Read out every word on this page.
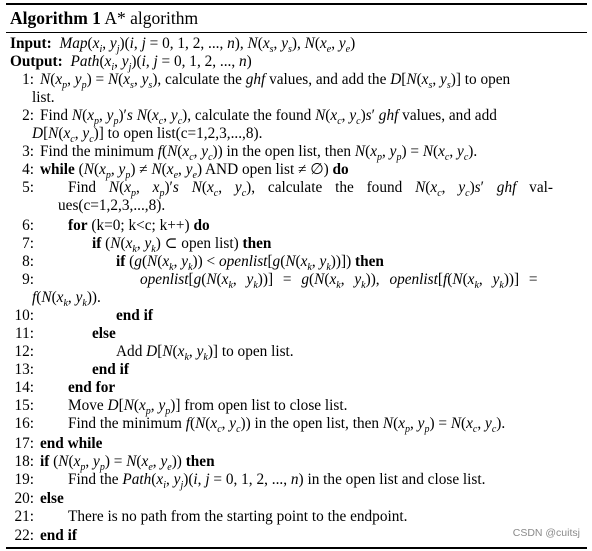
Algorithm 1 A* algorithm
Input: $Map(x_i$, $y_j)(i$, j = 0, 1, 2, ..., n), $N(x_s$, $y_s$), $N(x_e$, $y_e$)
Output: $Path(x_i$, $y_j)(i$, j = 0, 1, 2, ..., n)
1: $N(x_p$, $y_p) = N(x_s$, $y_s$), calculate the ghf values, and add the $D[N(x_s$, $y_s$)] to open
list.
2: Find $N(x_p$, $y_p)'s$ $N(x_c$, $y_c$), calculate the found $N(x_c$, $y_c)s'$ ghf values, and add
$D[N(x_c$, $y_c$)] to open list(c=1,2,3,...,8).
3: Find the minimum $f(N(x_c$, $y_c$)) in the open list, then $N(x_p$, $y_p) = N(x_c$, $y_c$).
4: while ($N(x_p$, $y_p) \ne N(x_e$, $y_e$) AND open list ≠ ∅) do
5: Find $N(x_p$, $x_p)'s$ $N(x_c$, $y_c$), calculate the found $N(x_c$, $y_c)s'$ ghf val-
ues(c=1,2,3,...,8).
6: for (k=0; k<c; k++) do
7:	if ($N(x_k$, $y_k$) ⊂ open list) then
8:	if ($g(N(x_k$, $y_k$)) < $openlist[g(N(x_k$, $y_k$))]) then
9:	$openlist[g(N(x_k$, $y_k))] = g(N(x_k$, $y_k$)), $openlist[f(N(x_k$, $y_k$))] =
$f(N(x_k$, $y_k$)).
10:	end if
11:	else
12:	Add $D[N(x_k$, $y_k$)] to open list.
13:	end if
14: end for
15: Move $D[N(x_p$, $y_p$)] from open list to close list.
16: Find the minimum $f(N(x_c$, $y_c$)) in the open list, then $N(x_p$, $y_p) = N(x_c$, $y_c$).
17: end while
18: if ($N(x_p$, $y_p) = N(x_e$, $y_e$)) then
19: Find the $Path(x_i$, $y_j)(i$, j = 0, 1, 2, ..., n) in the open list and close list.
20: else
21: There is no path from the starting point to the endpoint.
22: end if	CSDN @cuitsj
